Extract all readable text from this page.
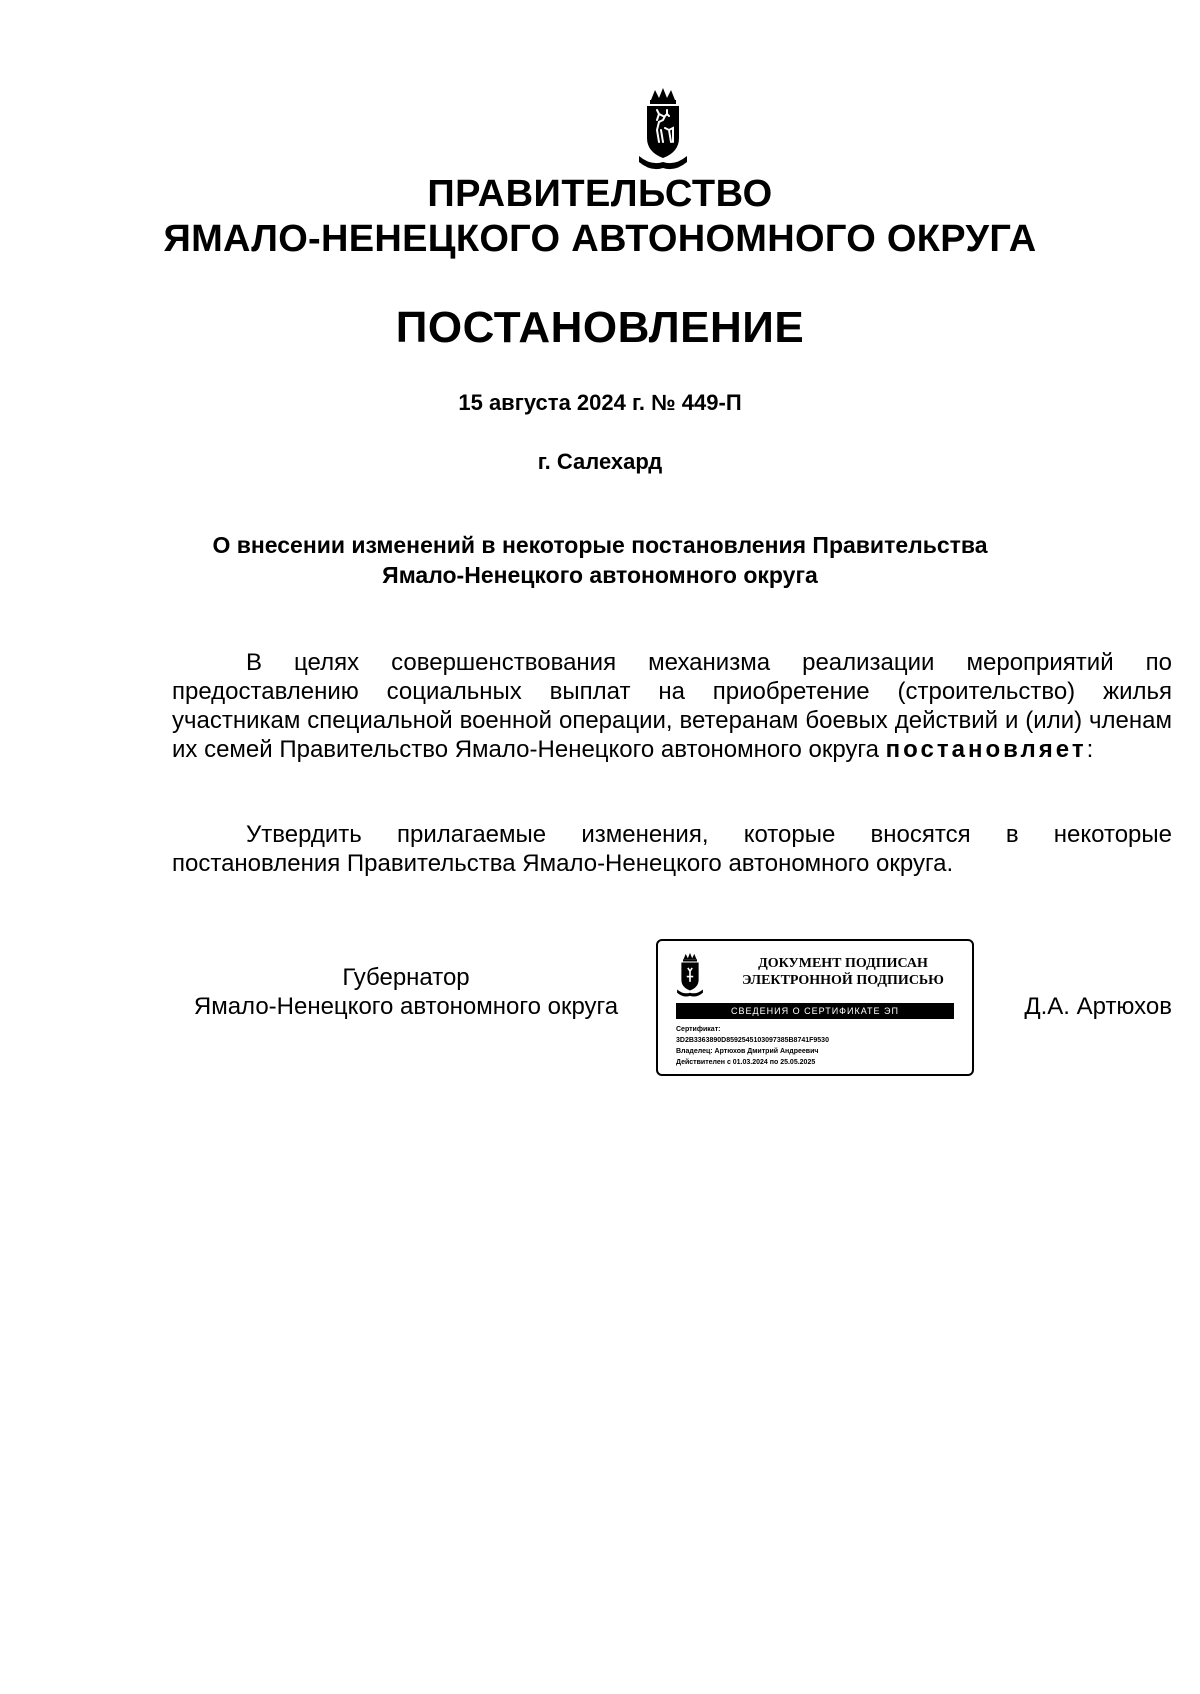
ПРАВИТЕЛЬСТВО
ЯМАЛО-НЕНЕЦКОГО АВТОНОМНОГО ОКРУГА
ПОСТАНОВЛЕНИЕ
15 августа 2024 г. № 449-П
г. Салехард
О внесении изменений в некоторые постановления Правительства
Ямало-Ненецкого автономного округа
В целях совершенствования механизма реализации мероприятий по предоставлению социальных выплат на приобретение (строительство) жилья участникам специальной военной операции, ветеранам боевых действий и (или) членам их семей Правительство Ямало-Ненецкого автономного округа постановляет:
Утвердить прилагаемые изменения, которые вносятся в некоторые постановления Правительства Ямало-Ненецкого автономного округа.
Губернатор
Ямало-Ненецкого автономного округа
ДОКУМЕНТ ПОДПИСАН
ЭЛЕКТРОННОЙ ПОДПИСЬЮ
СВЕДЕНИЯ О СЕРТИФИКАТЕ ЭП
Сертификат:
3D2B3363890D8592545103097385B8741F9530
Владелец: Артюхов Дмитрий Андреевич
Действителен с 01.03.2024 по 25.05.2025
Д.А. Артюхов
